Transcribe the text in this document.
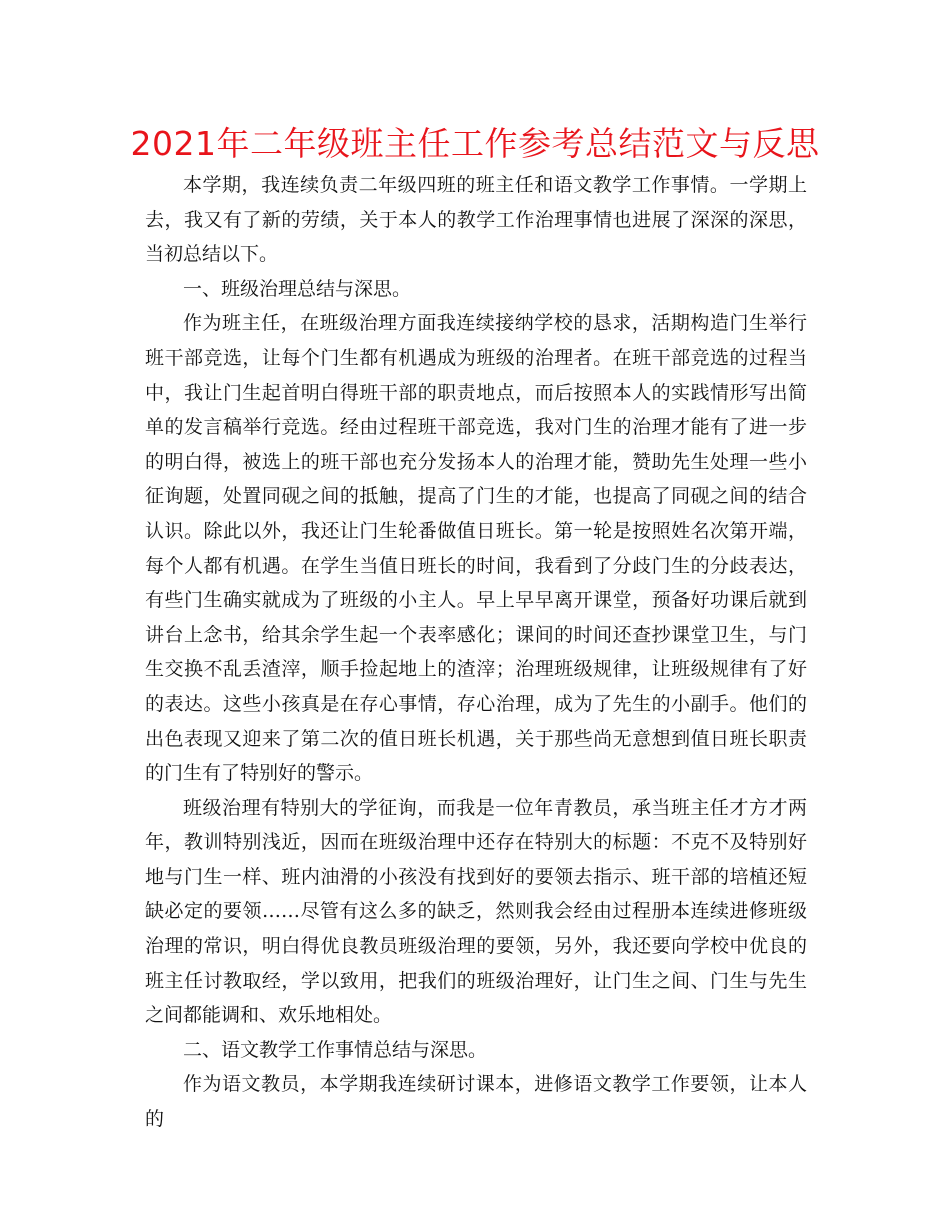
2021年二年级班主任工作参考总结范文与反思

本学期，我连续负责二年级四班的班主任和语文教学工作事情。一学期上去，我又有了新的劳绩，关于本人的教学工作治理事情也进展了深深的深思，当初总结以下。

一、班级治理总结与深思。

作为班主任，在班级治理方面我连续接纳学校的恳求，活期构造门生举行班干部竞选，让每个门生都有机遇成为班级的治理者。在班干部竞选的过程当中，我让门生起首明白得班干部的职责地点，而后按照本人的实践情形写出简单的发言稿举行竞选。经由过程班干部竞选，我对门生的治理才能有了进一步的明白得，被选上的班干部也充分发扬本人的治理才能，赞助先生处理一些小征询题，处置同砚之间的抵触，提高了门生的才能，也提高了同砚之间的结合认识。除此以外，我还让门生轮番做值日班长。第一轮是按照姓名次第开端，每个人都有机遇。在学生当值日班长的时间，我看到了分歧门生的分歧表达，有些门生确实就成为了班级的小主人。早上早早离开课堂，预备好功课后就到讲台上念书，给其余学生起一个表率感化；课间的时间还查抄课堂卫生，与门生交换不乱丢渣滓，顺手捡起地上的渣滓；治理班级规律，让班级规律有了好的表达。这些小孩真是在存心事情，存心治理，成为了先生的小副手。他们的出色表现又迎来了第二次的值日班长机遇，关于那些尚无意想到值日班长职责的门生有了特别好的警示。

班级治理有特别大的学征询，而我是一位年青教员，承当班主任才方才两年，教训特别浅近，因而在班级治理中还存在特别大的标题：不克不及特别好地与门生一样、班内油滑的小孩没有找到好的要领去指示、班干部的培植还短缺必定的要领……尽管有这么多的缺乏，然则我会经由过程册本连续进修班级治理的常识，明白得优良教员班级治理的要领，另外，我还要向学校中优良的班主任讨教取经，学以致用，把我们的班级治理好，让门生之间、门生与先生之间都能调和、欢乐地相处。

二、语文教学工作事情总结与深思。

作为语文教员，本学期我连续研讨课本，进修语文教学工作要领，让本人的
